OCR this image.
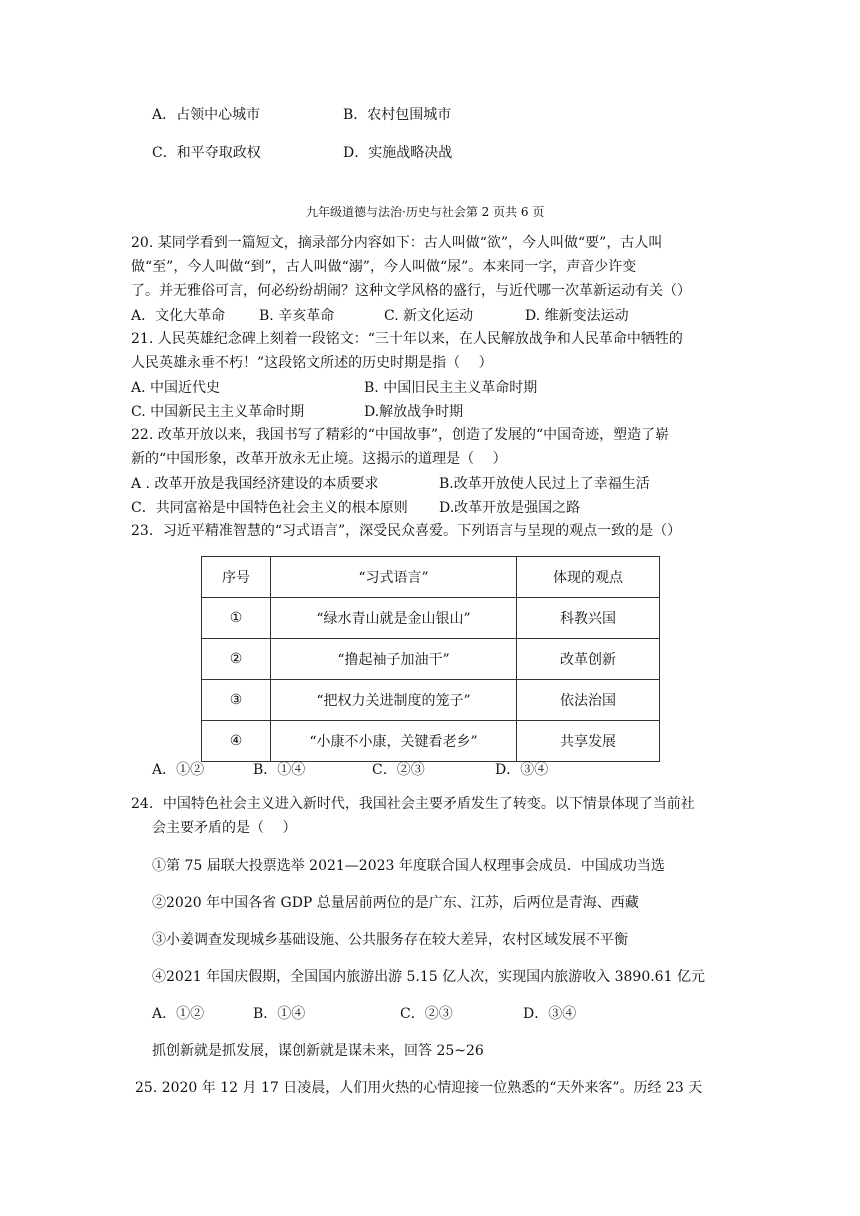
A．占领中心城市	B．农村包围城市
C．和平夺取政权	D．实施战略决战
九年级道德与法治·历史与社会第 2 页共 6 页
20. 某同学看到一篇短文，摘录部分内容如下：古人叫做“欲”，今人叫做“要”，古人叫
做“至”，今人叫做“到”，古人叫做“溺”，今人叫做“尿”。本来同一字，声音少许变
了。并无雅俗可言，何必纷纷胡闹？这种文学风格的盛行，与近代哪一次革新运动有关（）
A．文化大革命 B. 辛亥革命	C. 新文化运动	D. 维新变法运动
21. 人民英雄纪念碑上刻着一段铭文：“三十年以来，在人民解放战争和人民革命中牺牲的
人民英雄永垂不朽！”这段铭文所述的历史时期是指（　 ）
A. 中国近代史	B. 中国旧民主主义革命时期
C. 中国新民主主义革命时期	D.解放战争时期
22. 改革开放以来，我国书写了精彩的“中国故事”，创造了发展的“中国奇迹，塑造了崭
新的“中国形象，改革开放永无止境。这揭示的道理是（　 ）
A . 改革开放是我国经济建设的本质要求	B.改革开放使人民过上了幸福生活
C．共同富裕是中国特色社会主义的根本原则 D.改革开放是强国之路
23．习近平精准智慧的“习式语言”，深受民众喜爱。下列语言与呈现的观点一致的是（）
序号	“习式语言”	体现的观点
①	“绿水青山就是金山银山”	科教兴国
②	“撸起袖子加油干”	改革创新
③	“把权力关进制度的笼子”	依法治国
④	“小康不小康，关键看老乡”	共享发展
A．①②	B．①④	C．②③	D．③④
24．中国特色社会主义进入新时代，我国社会主要矛盾发生了转变。以下情景体现了当前社
会主要矛盾的是（　 ）
①第 75 届联大投票选举 2021—2023 年度联合国人权理事会成员．中国成功当选
②2020 年中国各省 GDP 总量居前两位的是广东、江苏，后两位是青海、西藏
③小姜调查发现城乡基础设施、公共服务存在较大差异，农村区域发展不平衡
④2021 年国庆假期，全国国内旅游出游 5.15 亿人次，实现国内旅游收入 3890.61 亿元
A．①②	B．①④	C．②③	D．③④
抓创新就是抓发展，谋创新就是谋未来，回答 25~26
25. 2020 年 12 月 17 日凌晨，人们用火热的心情迎接一位熟悉的“天外来客”。历经 23 天
